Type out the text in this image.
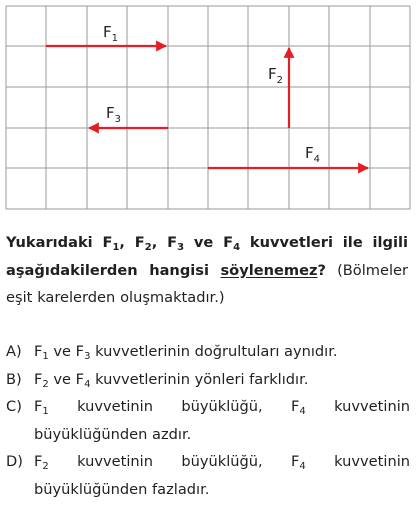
$F_1$
$F_2$
$F_3$
$F_4$
Yukarıdaki $F_1$, $F_2$, $F_3$ ve $F_4$ kuvvetleri ile ilgili aşağıdakilerden hangisi söylenemez? (Bölmeler eşit karelerden oluşmaktadır.)
A) $F_1$ ve $F_3$ kuvvetlerinin doğrultuları aynıdır.
B) $F_2$ ve $F_4$ kuvvetlerinin yönleri farklıdır.
C) $F_1$ kuvvetinin büyüklüğü, $F_4$ kuvvetinin büyüklüğünden azdır.
D) $F_2$ kuvvetinin büyüklüğü, $F_4$ kuvvetinin büyüklüğünden fazladır.
